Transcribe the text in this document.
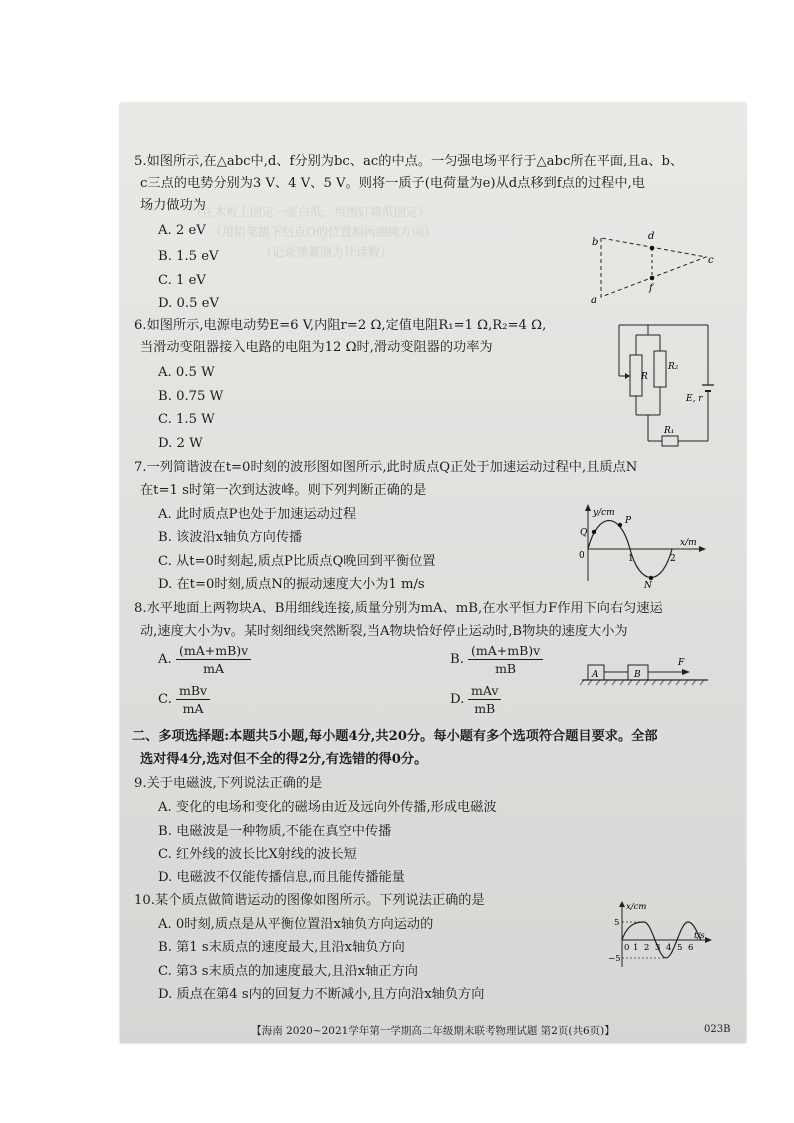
（在木板上固定一张白纸，用图钉将纸固定）
（用铅笔描下结点O的位置和两细绳方向）
（记录弹簧测力计读数）
5.如图所示,在△abc中,d、f分别为bc、ac的中点。一匀强电场平行于△abc所在平面,且a、b、
c三点的电势分别为3 V、4 V、5 V。则将一质子(电荷量为e)从d点移到f点的过程中,电
场力做功为
A. 2 eV
B. 1.5 eV
C. 1 eV
D. 0.5 eV
b
d
c
f
a
6.如图所示,电源电动势E=6 V,内阻r=2 Ω,定值电阻R₁=1 Ω,R₂=4 Ω,
当滑动变阻器接入电路的电阻为12 Ω时,滑动变阻器的功率为
A. 0.5 W
B. 0.75 W
C. 1.5 W
D. 2 W
R
R₂
E, r
R₁
7.一列简谐波在t=0时刻的波形图如图所示,此时质点Q正处于加速运动过程中,且质点N
在t=1 s时第一次到达波峰。则下列判断正确的是
A. 此时质点P也处于加速运动过程
B. 该波沿x轴负方向传播
C. 从t=0时刻起,质点P比质点Q晚回到平衡位置
D. 在t=0时刻,质点N的振动速度大小为1 m/s
y/cm
x/m
0	1	2
Q
P
N
8.水平地面上两物块A、B用细线连接,质量分别为mA、mB,在水平恒力F作用下向右匀速运
动,速度大小为v。某时刻细线突然断裂,当A物块恰好停止运动时,B物块的速度大小为
A. $\frac{(mA+mB)v}{mA}$	B. $\frac{(mA+mB)v}{mB}$
C.
mBv
mA
D.
mAv
mB
A	B
F
二、多项选择题:本题共5小题,每小题4分,共20分。每小题有多个选项符合题目要求。全部
选对得4分,选对但不全的得2分,有选错的得0分。
9.关于电磁波,下列说法正确的是
A. 变化的电场和变化的磁场由近及远向外传播,形成电磁波
B. 电磁波是一种物质,不能在真空中传播
C. 红外线的波长比X射线的波长短
D. 电磁波不仅能传播信息,而且能传播能量
10.某个质点做简谐运动的图像如图所示。下列说法正确的是
A. 0时刻,质点是从平衡位置沿x轴负方向运动的
B. 第1 s末质点的速度最大,且沿x轴负方向
C. 第3 s末质点的加速度最大,且沿x轴正方向
D. 质点在第4 s内的回复力不断减小,且方向沿x轴负方向
x/cm
t/s
5
−5
0 1 2 3 4 5 6
【海南 2020~2021学年第一学期高二年级期末联考物理试题 第2页(共6页)】	023B
